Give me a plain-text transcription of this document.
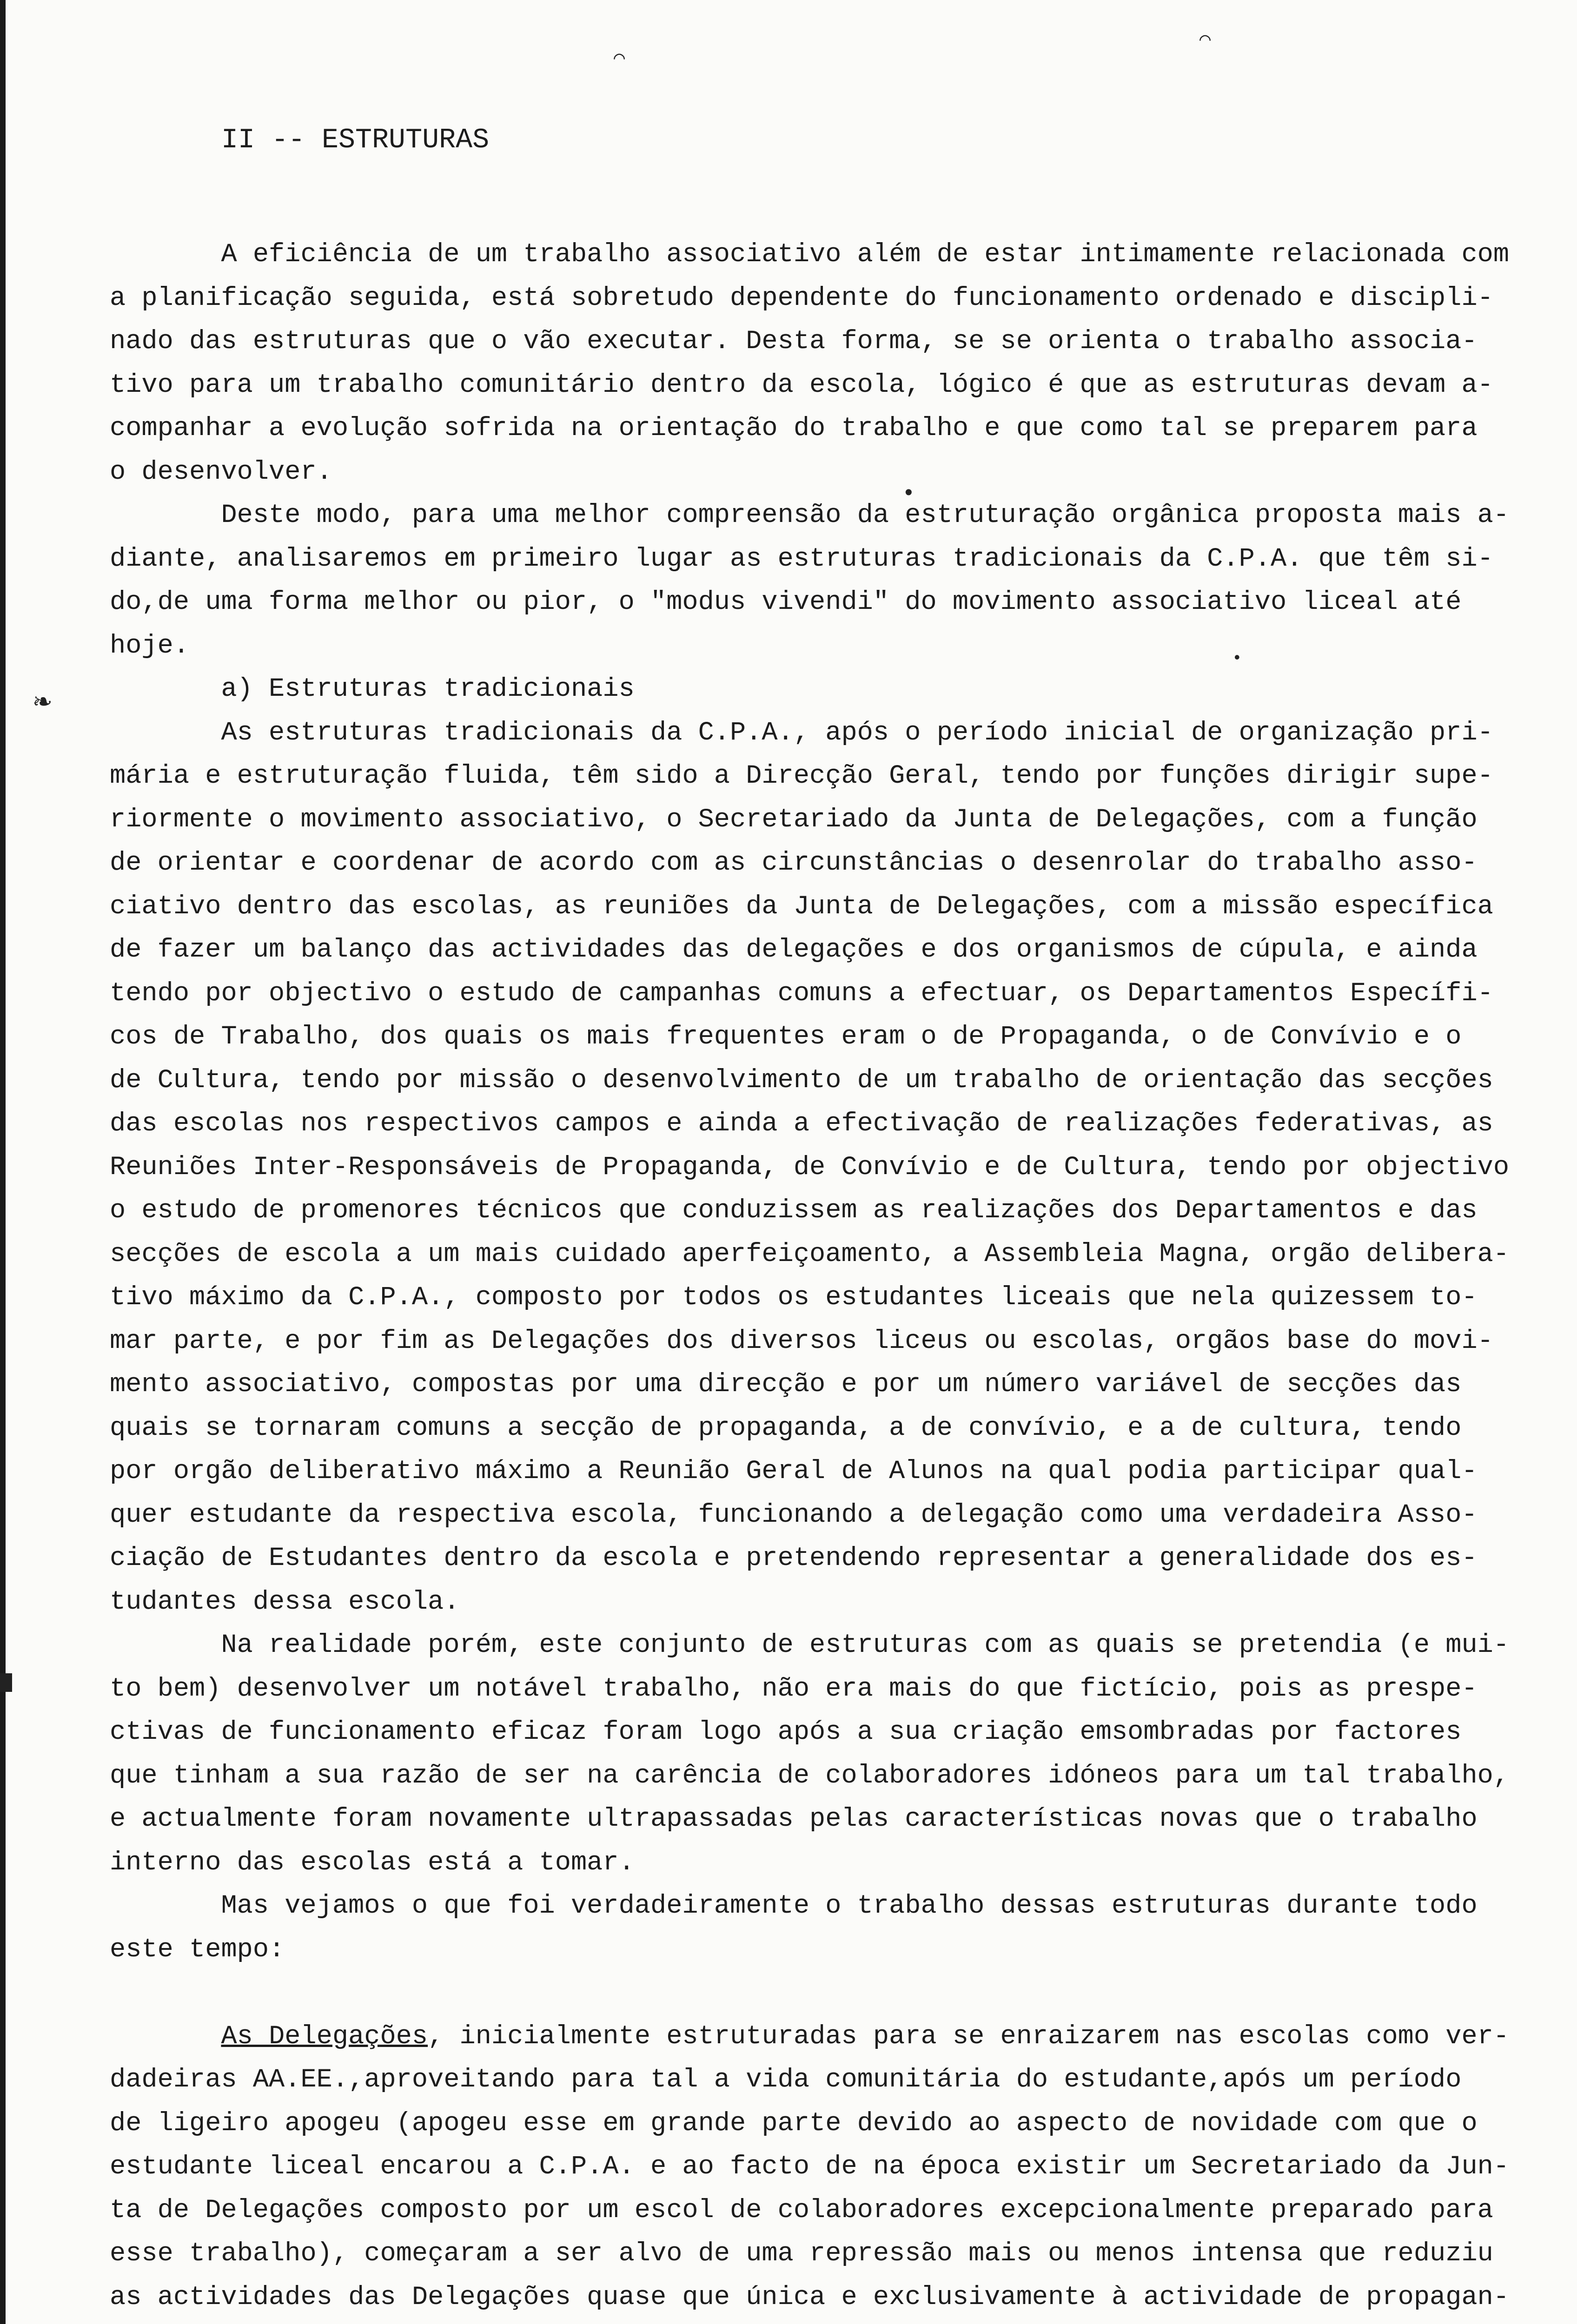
⌒
⌒
•
•
❧
II -- ESTRUTURAS
A eficiência de um trabalho associativo além de estar intimamente relacionada com
a planificação seguida, está sobretudo dependente do funcionamento ordenado e discipli-
nado das estruturas que o vão executar. Desta forma, se se orienta o trabalho associa-
tivo para um trabalho comunitário dentro da escola, lógico é que as estruturas devam a-
companhar a evolução sofrida na orientação do trabalho e que como tal se preparem para
o desenvolver.
Deste modo, para uma melhor compreensão da estruturação orgânica proposta mais a-
diante, analisaremos em primeiro lugar as estruturas tradicionais da C.P.A. que têm si-
do,de uma forma melhor ou pior, o "modus vivendi" do movimento associativo liceal até
hoje.
a) Estruturas tradicionais
As estruturas tradicionais da C.P.A., após o período inicial de organização pri-
mária e estruturação fluida, têm sido a Direcção Geral, tendo por funções dirigir supe-
riormente o movimento associativo, o Secretariado da Junta de Delegações, com a função
de orientar e coordenar de acordo com as circunstâncias o desenrolar do trabalho asso-
ciativo dentro das escolas, as reuniões da Junta de Delegações, com a missão específica
de fazer um balanço das actividades das delegações e dos organismos de cúpula, e ainda
tendo por objectivo o estudo de campanhas comuns a efectuar, os Departamentos Específi-
cos de Trabalho, dos quais os mais frequentes eram o de Propaganda, o de Convívio e o
de Cultura, tendo por missão o desenvolvimento de um trabalho de orientação das secções
das escolas nos respectivos campos e ainda a efectivação de realizações federativas, as
Reuniões Inter-Responsáveis de Propaganda, de Convívio e de Cultura, tendo por objectivo
o estudo de promenores técnicos que conduzissem as realizações dos Departamentos e das
secções de escola a um mais cuidado aperfeiçoamento, a Assembleia Magna, orgão delibera-
tivo máximo da C.P.A., composto por todos os estudantes liceais que nela quizessem to-
mar parte, e por fim as Delegações dos diversos liceus ou escolas, orgãos base do movi-
mento associativo, compostas por uma direcção e por um número variável de secções das
quais se tornaram comuns a secção de propaganda, a de convívio, e a de cultura, tendo
por orgão deliberativo máximo a Reunião Geral de Alunos na qual podia participar qual-
quer estudante da respectiva escola, funcionando a delegação como uma verdadeira Asso-
ciação de Estudantes dentro da escola e pretendendo representar a generalidade dos es-
tudantes dessa escola.
Na realidade porém, este conjunto de estruturas com as quais se pretendia (e mui-
to bem) desenvolver um notável trabalho, não era mais do que fictício, pois as prespe-
ctivas de funcionamento eficaz foram logo após a sua criação emsombradas por factores
que tinham a sua razão de ser na carência de colaboradores idóneos para um tal trabalho,
e actualmente foram novamente ultrapassadas pelas características novas que o trabalho
interno das escolas está a tomar.
Mas vejamos o que foi verdadeiramente o trabalho dessas estruturas durante todo
este tempo:
As Delegações, inicialmente estruturadas para se enraizarem nas escolas como ver-
dadeiras AA.EE.,aproveitando para tal a vida comunitária do estudante,após um período
de ligeiro apogeu (apogeu esse em grande parte devido ao aspecto de novidade com que o
estudante liceal encarou a C.P.A. e ao facto de na época existir um Secretariado da Jun-
ta de Delegações composto por um escol de colaboradores excepcionalmente preparado para
esse trabalho), começaram a ser alvo de uma repressão mais ou menos intensa que reduziu
as actividades das Delegações quase que única e exclusivamente à actividade de propagan-
